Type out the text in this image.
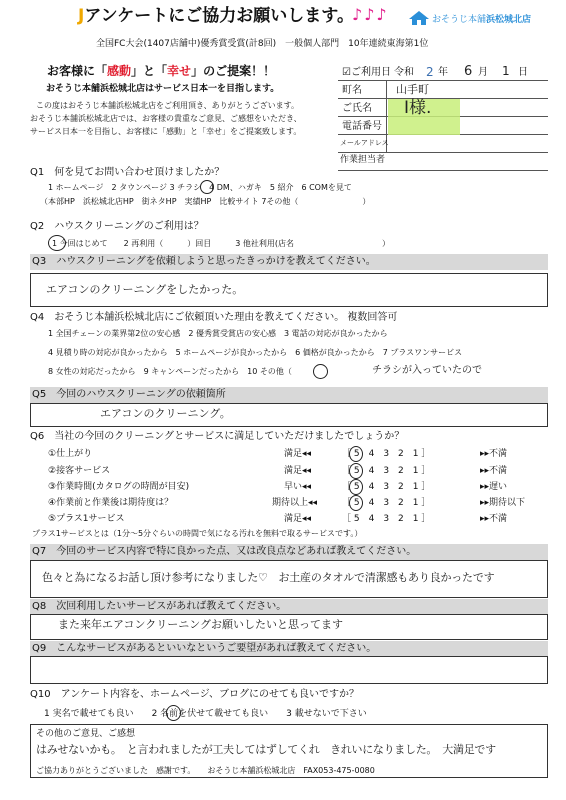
Jアンケートにご協力お願いします。
♪♪♪	おそうじ本舗 浜松城北店
全国FC大会(1407店舗中)優秀賞受賞(計8回)　一般個人部門　10年連続東海第1位
お客様に「感動」と「幸せ」のご提案！！
おそうじ本舗浜松城北店はサービス日本一を目指します。
この度はおそうじ本舗浜松城北店をご利用頂き、ありがとうございます。
おそうじ本舗浜松城北店では、お客様の貴重なご意見、ご感想をいただき、
サービス日本一を目指し、お客様に「感動」と「幸せ」をご提案致します。
☑ご利用日 令和 2 年 6 月 1 日
町名	山手町
ご氏名 I様.
電話番号
メールアドレス
作業担当者
Q1　何を見てお問い合わせ頂けましたか？
1 ホームページ　2 タウンページ 3 チラシ　4 DM、ハガキ　5 紹介　6 COMを見て
（本部HP　浜松城北店HP　街ネタHP　実績HP　比較サイト 7その他（　　　　　　　　）
Q2　ハウスクリーニングのご利用は？
1 今回はじめて　　2 再利用（　　　）回目　　　3 他社利用(店名　　　　　　　　　　　）
Q3　ハウスクリーニングを依頼しようと思ったきっかけを教えてください。
エアコンのクリーニングをしたかった。
Q4　おそうじ本舗浜松城北店にご依頼頂いた理由を教えてください。 複数回答可
1 全国チェーンの業界第2位の安心感　2 優秀賞受賞店の安心感　3 電話の対応が良かったから
4 見積り時の対応が良かったから　5 ホームページが良かったから　6 価格が良かったから　7 プラスワンサービス
8 女性の対応だったから　9 キャンペーンだったから　10 その他（	チラシが入っていたので
Q5　今回のハウスクリーニングの依頼箇所
エアコンのクリーニング。
Q6　当社の今回のクリーニングとサービスに満足していただけましたでしょうか？
①仕上がり	満足◂◂	［ 5　4　3　2　1 ］	▸▸不満
②接客サービス	満足◂◂	［ 5　4　3　2　1 ］	▸▸不満
③作業時間(カタログの時間が目安)	早い◂◂	［ 5　4　3　2　1 ］	▸▸遅い
④作業前と作業後は期待度は？	期待以上◂◂	［ 5　4　3　2　1 ］	▸▸期待以下
⑤プラス1サービス	満足◂◂	［ 5　4　3　2　1 ］	▸▸不満
プラス1サービスとは（1分〜5分ぐらいの時間で気になる汚れを無料で取るサービスです。）
Q7　今回のサービス内容で特に良かった点、又は改良点などあれば教えてください。
色々と為になるお話し頂け参考になりました♡　お土産のタオルで清潔感もあり良かったです
Q8　次回利用したいサービスがあれば教えてください。
また来年エアコンクリーニングお願いしたいと思ってます
Q9　こんなサービスがあるといいなというご要望があれば教えてください。
Q10　アンケート内容を、ホームページ、ブログにのせても良いですか？
1 実名で載せても良い　　2 名前を伏せて載せても良い　　3 載せないで下さい
その他のご意見、ご感想
はみせないかも。　と言われましたが工夫してはずしてくれ　きれいになりました。　大満足です
ご協力ありがとうございました　感謝です。　　おそうじ本舗浜松城北店　FAX053-475-0080
